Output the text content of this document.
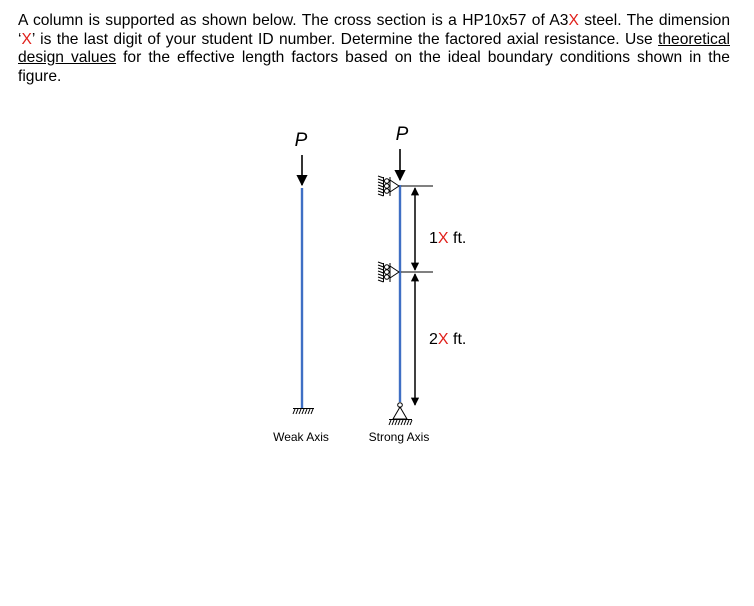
A column is supported as shown below. The cross section is a HP10x57 of A3X steel. The dimension ‘X’ is the last digit of your student ID number. Determine the factored axial resistance. Use theoretical design values for the effective length factors based on the ideal boundary conditions shown in the figure.

P
Weak Axis
P
Strong Axis
1X ft.
2X ft.
